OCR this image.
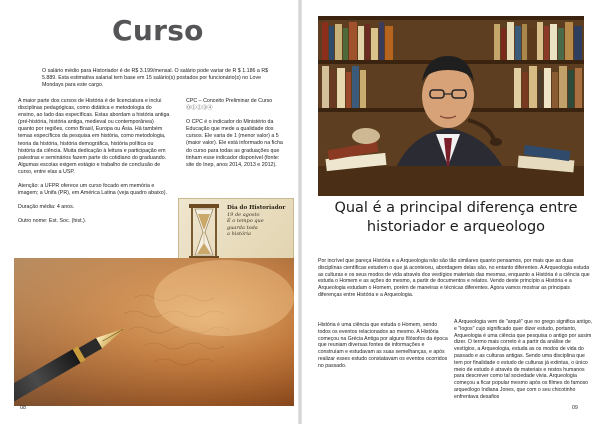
Curso
O salário médio para Historiador é de R$ 3.199/mensal. O salário pode variar de R $ 1.186 a R$ 5.889. Esta estimativa salarial tem base em 15 salário(s) postados por funcionário(s) no Love Mondays para este cargo.

A maior parte dos cursos de História é de licenciatura e inclui disciplinas pedagógicas, como didática e metodologia do ensino, ao lado das específicas. Estas abordam a história antiga (pré-história, história antiga, medieval ou contemporânea) quanto por regiões, como Brasil, Europa ou Ásia. Há também temas específicos da pesquisa em história, como metodologia, teoria da história, história demográfica, história política ou história da ciência. Muita dedicação à leitura e participação em palestras e seminários fazem parte do cotidiano do graduando. Algumas escolas exigem estágio e trabalho de conclusão de curso, entre elas a USP.

Atenção: a UFPR oferece um curso focado em memória e imagem; a Unifa (PR), em América Latina (veja quadro abaixo).

Duração média: 4 anos.

Outro nome: Est. Soc. (hist.).

CPC – Conceito Preliminar de Curso ⓪①②③④

O CPC é o indicador do Ministério da Educação que mede a qualidade dos cursos. Ele varia de 1 (menor valor) a 5 (maior valor). Ele está informado na ficha do curso para todas as graduações que tinham esse indicador disponível (fonte: site do Inep, anos 2014, 2013 e 2012).

Dia do Historiador
19 de agosto
É o tempo que
guarda toda
a história
08
Qual é a principal diferença entre historiador e arqueologo
Por incrível que pareça História e a Arqueologia não são tão similares quanto pensamos, por mais que as duas disciplinas científicas estudem o que já aconteceu, abordagem delas são, no entanto diferentes. A Arqueologia estuda as culturas e os seus modos de vida através dos vestígios materiais das mesmas, enquanto a História é a ciência que estuda o Homem e as ações do mesmo, a partir de documentos e relatos. Vendo deste princípio a História e a Arqueologia estudam o Homem, porém de maneiras e técnicas diferentes. Agora vamos mostrar as principais diferenças entre História e a Arqueologia.
História é uma ciência que estuda o Homem, sendo todos os eventos relacionados ao mesmo. A História começou na Grécia Antiga por alguns filósofos da época que reuniam diversas fontes de informações e construíam e estudavam as suas semelhanças, e após realizar esses estudo constatavam os eventos ocorridos no passado.
A Arqueologia vem de "arquê" que no grego significa antigo, e "logos" cujo significado quer dizer estudo, portanto, Arqueologia é uma ciência que pesquisa o antigo por assim dizer. O termo mais correto é a partir da análise de vestígios, a Arqueologia, estuda as os modos de vida do passado e as culturas antigas. Sendo uma disciplina que tem por finalidade o estudo de culturas já extintas, o único meio de estudo é através de materiais e restos humanos para descrever como tal sociedade vivia. Arqueologia começou a ficar popular mesmo após os filmes do famoso arqueólogo Indiana Jones, que com o seu chicotinho enfrentava desafios
09
